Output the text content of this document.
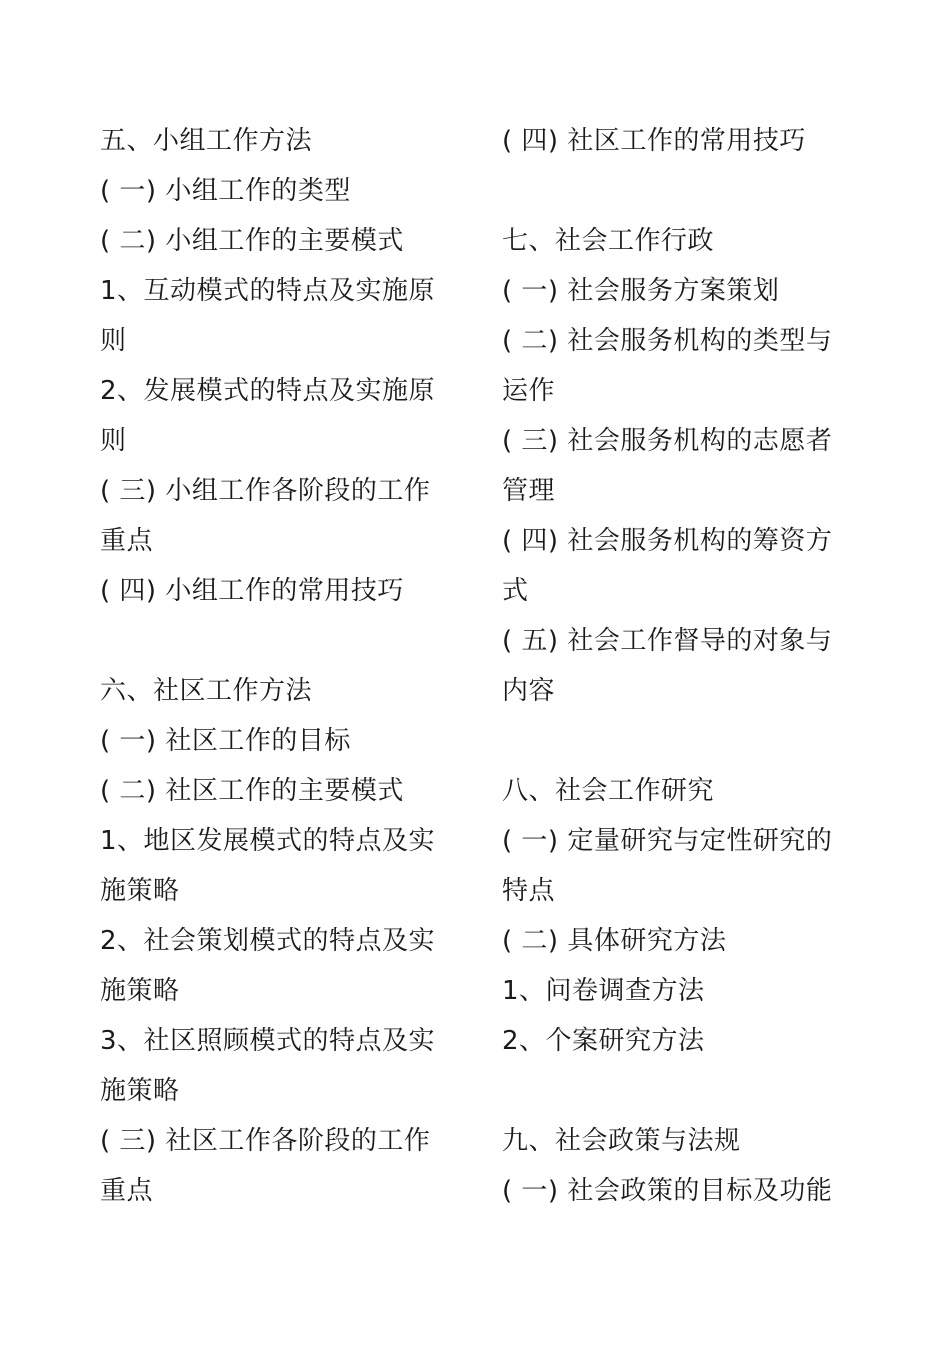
五、小组工作方法
( 一) 小组工作的类型
( 二) 小组工作的主要模式
1、互动模式的特点及实施原
则
2、发展模式的特点及实施原
则
( 三) 小组工作各阶段的工作
重点
( 四) 小组工作的常用技巧
六、社区工作方法
( 一) 社区工作的目标
( 二) 社区工作的主要模式
1、地区发展模式的特点及实
施策略
2、社会策划模式的特点及实
施策略
3、社区照顾模式的特点及实
施策略
( 三) 社区工作各阶段的工作
重点
( 四) 社区工作的常用技巧
七、社会工作行政
( 一) 社会服务方案策划
( 二) 社会服务机构的类型与
运作
( 三) 社会服务机构的志愿者
管理
( 四) 社会服务机构的筹资方
式
( 五) 社会工作督导的对象与
内容
八、社会工作研究
( 一) 定量研究与定性研究的
特点
( 二) 具体研究方法
1、问卷调查方法
2、个案研究方法
九、社会政策与法规
( 一) 社会政策的目标及功能
